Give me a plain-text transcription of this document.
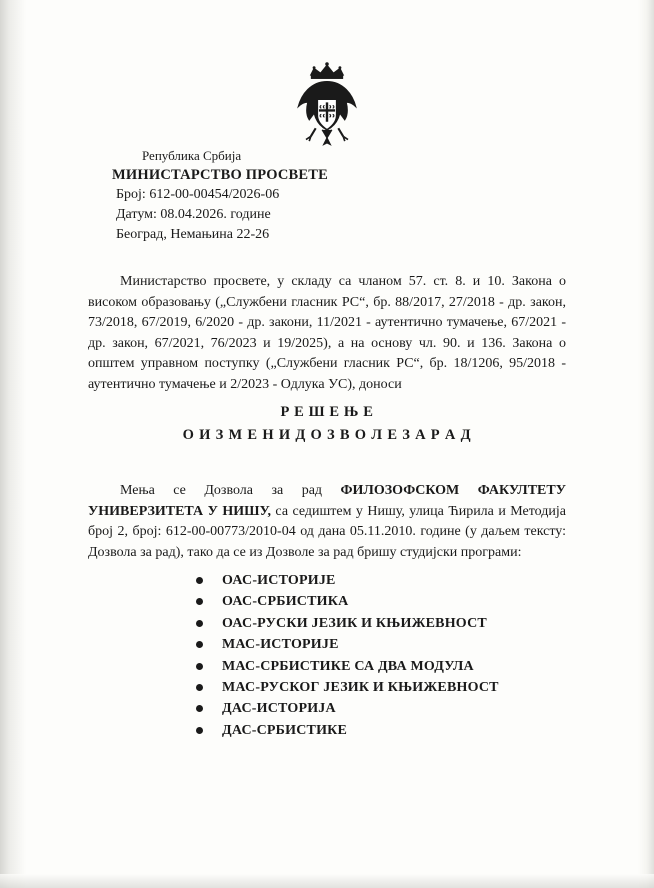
Република Србија
МИНИСТАРСТВО ПРОСВЕТЕ
Број: 612-00-00454/2026-06
Датум: 08.04.2026. године
Београд, Немањина 22-26
Министарство просвете, у складу са чланом 57. ст. 8. и 10. Закона о високом образовању („Службени гласник РС“, бр. 88/2017, 27/2018 - др. закон, 73/2018, 67/2019, 6/2020 - др. закони, 11/2021 - аутентично тумачење, 67/2021 - др. закон, 67/2021, 76/2023 и 19/2025), а на основу чл. 90. и 136. Закона о општем управном поступку („Службени гласник РС“, бр. 18/1206, 95/2018 - аутентично тумачење и 2/2023 - Одлука УС), доноси
Р Е Ш Е Њ Е
О И З М Е Н И Д О З В О Л Е З А Р А Д
Мења се Дозвола за рад ФИЛОЗОФСКОМ ФАКУЛТЕТУ УНИВЕРЗИТЕТА У НИШУ, са седиштем у Нишу, улица Ћирила и Методија број 2, број: 612-00-00773/2010-04 од дана 05.11.2010. године (у даљем тексту: Дозвола за рад), тако да се из Дозволе за рад бришу студијски програми:
ОАС-ИСТОРИЈЕ
ОАС-СРБИСТИКА
ОАС-РУСКИ ЈЕЗИК И КЊИЖЕВНОСТ
МАС-ИСТОРИЈЕ
МАС-СРБИСТИКЕ СА ДВА МОДУЛА
МАС-РУСКОГ ЈЕЗИК И КЊИЖЕВНОСТ
ДАС-ИСТОРИЈА
ДАС-СРБИСТИКЕ
